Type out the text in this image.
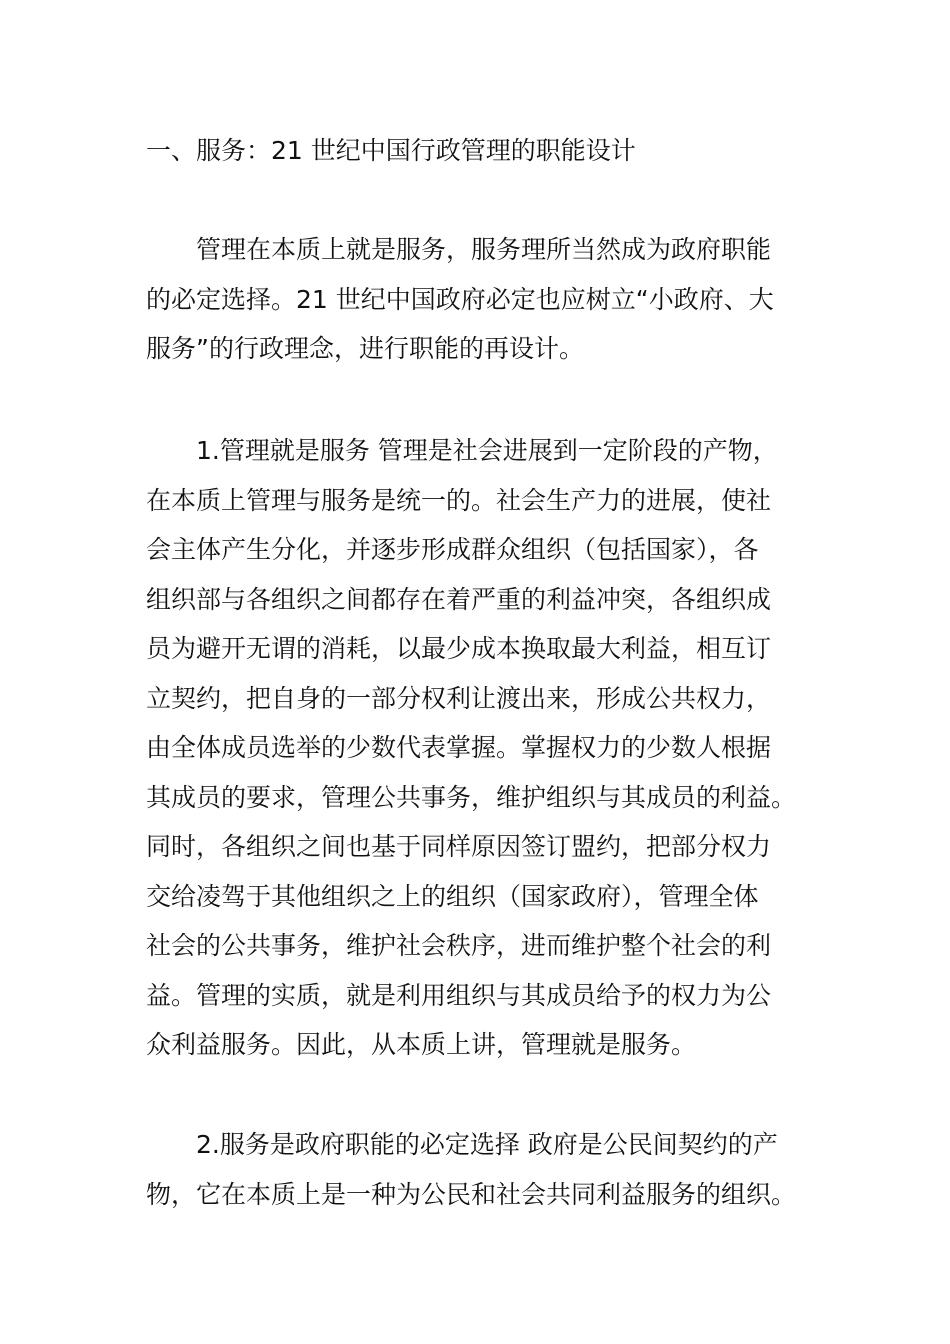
一、服务：21 世纪中国行政管理的职能设计
管理在本质上就是服务，服务理所当然成为政府职能
的必定选择。21 世纪中国政府必定也应树立“小政府、大
服务”的行政理念，进行职能的再设计。
1.管理就是服务 管理是社会进展到一定阶段的产物，
在本质上管理与服务是统一的。社会生产力的进展，使社
会主体产生分化，并逐步形成群众组织（包括国家），各
组织部与各组织之间都存在着严重的利益冲突，各组织成
员为避开无谓的消耗，以最少成本换取最大利益，相互订
立契约，把自身的一部分权利让渡出来，形成公共权力，
由全体成员选举的少数代表掌握。掌握权力的少数人根据
其成员的要求，管理公共事务，维护组织与其成员的利益。
同时，各组织之间也基于同样原因签订盟约，把部分权力
交给凌驾于其他组织之上的组织（国家政府），管理全体
社会的公共事务，维护社会秩序，进而维护整个社会的利
益。管理的实质，就是利用组织与其成员给予的权力为公
众利益服务。因此，从本质上讲，管理就是服务。
2.服务是政府职能的必定选择 政府是公民间契约的产
物，它在本质上是一种为公民和社会共同利益服务的组织。
